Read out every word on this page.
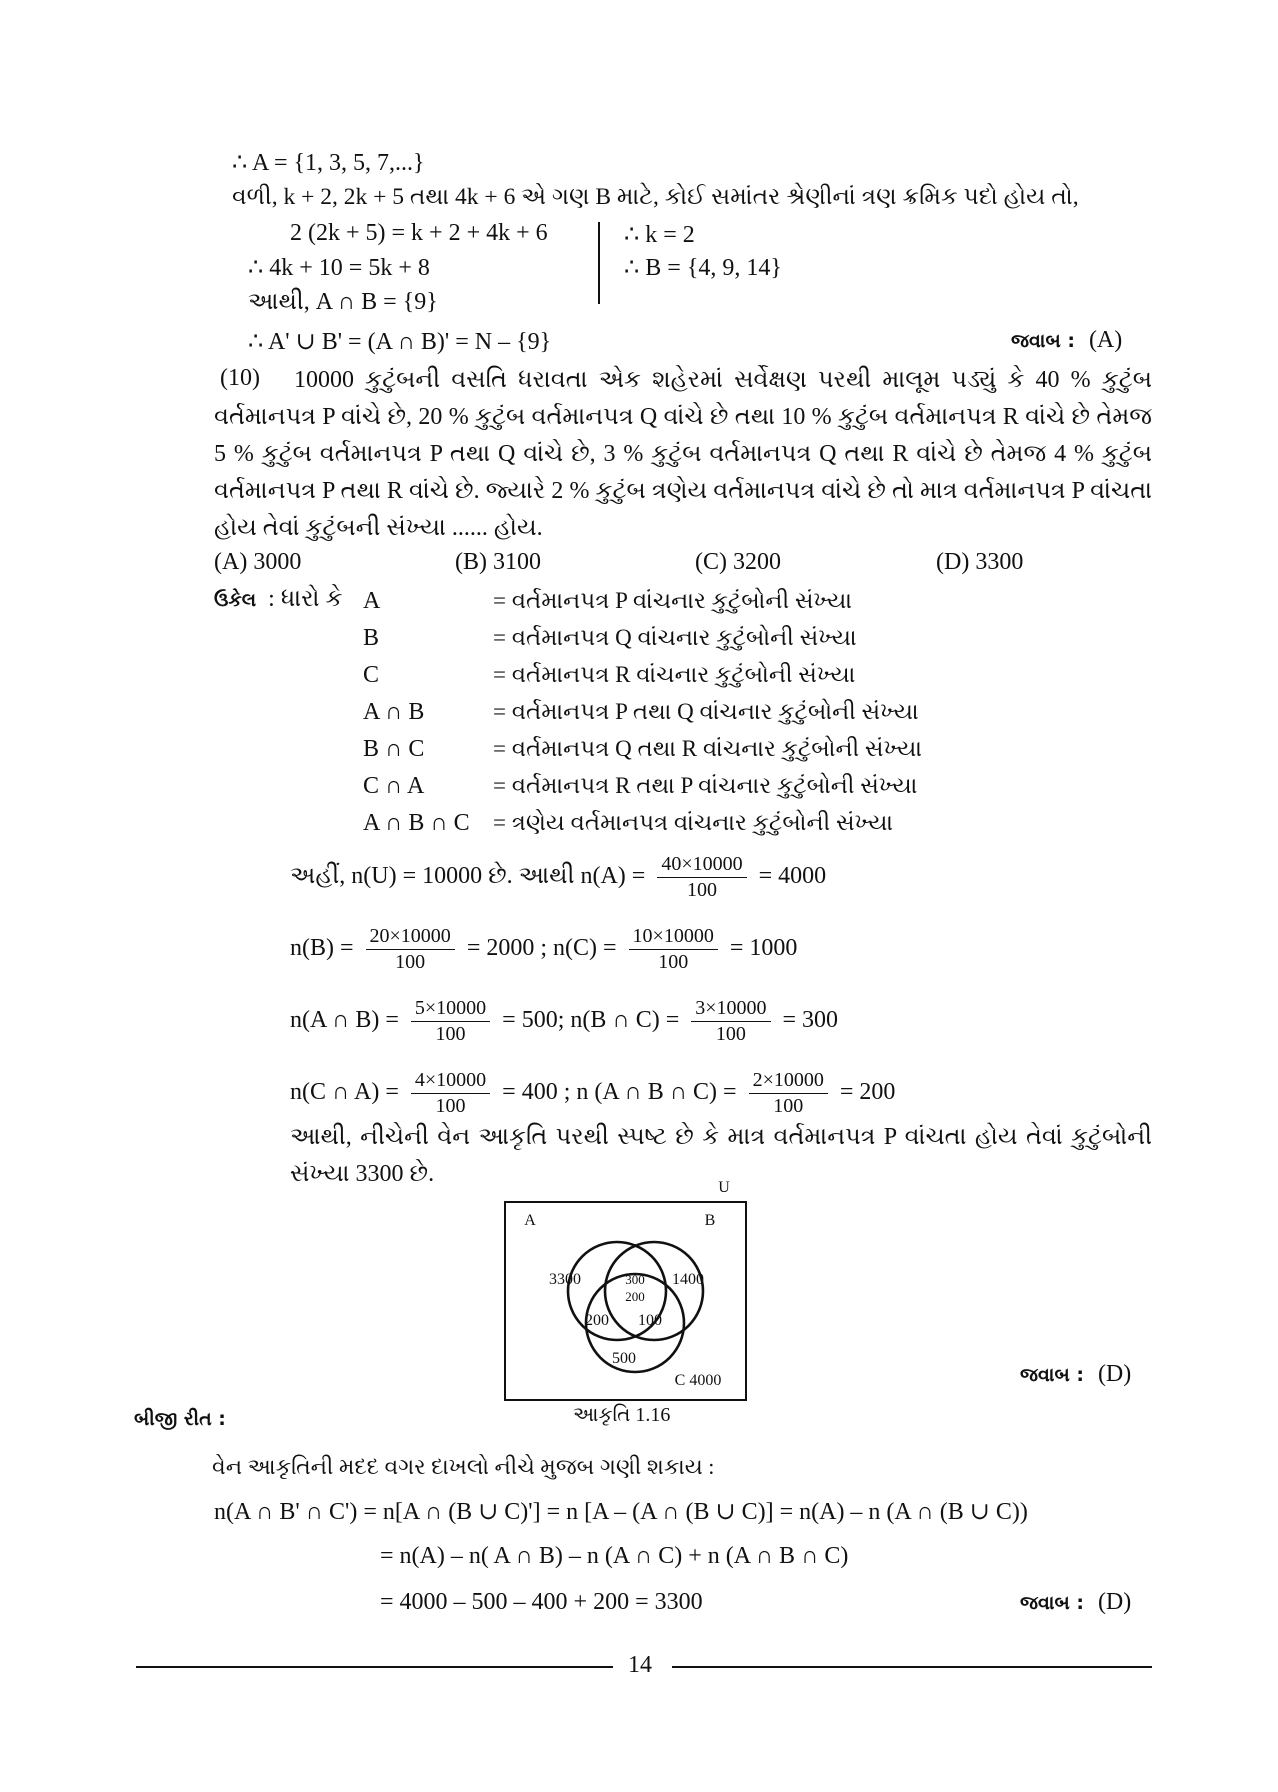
∴ A = {1, 3, 5, 7,...}
વળી, k + 2, 2k + 5 તથા 4k + 6 એ ગણ B માટે, કોઈ સમાંતર શ્રેણીનાં ત્રણ ક્રમિક પદો હોય તો,
2 (2k + 5) = k + 2 + 4k + 6
∴ 4k + 10 = 5k + 8
∴ k = 2
∴ B = {4, 9, 14}
આથી, A ∩ B = {9}
∴ A' ∪ B' = (A ∩ B)' = N – {9}	જવાબ : (A)
(10)	10000 કુટુંબની વસતિ ધરાવતા એક શહેરમાં સર્વેક્ષણ પરથી માલૂમ પડ્યું કે 40 % કુટુંબ વર્તમાનપત્ર P વાંચે છે, 20 % કુટુંબ વર્તમાનપત્ર Q વાંચે છે તથા 10 % કુટુંબ વર્તમાનપત્ર R વાંચે છે તેમજ 5 % કુટુંબ વર્તમાનપત્ર P તથા Q વાંચે છે, 3 % કુટુંબ વર્તમાનપત્ર Q તથા R વાંચે છે તેમજ 4 % કુટુંબ વર્તમાનપત્ર P તથા R વાંચે છે. જ્યારે 2 % કુટુંબ ત્રણેય વર્તમાનપત્ર વાંચે છે તો માત્ર વર્તમાનપત્ર P વાંચતા હોય તેવાં કુટુંબની સંખ્યા ...... હોય.
(A) 3000	(B) 3100	(C) 3200	(D) 3300
ઉકેલ : ધારો કે A	= વર્તમાનપત્ર P વાંચનાર કુટુંબોની સંખ્યા
B	= વર્તમાનપત્ર Q વાંચનાર કુટુંબોની સંખ્યા
C	= વર્તમાનપત્ર R વાંચનાર કુટુંબોની સંખ્યા
A ∩ B	= વર્તમાનપત્ર P તથા Q વાંચનાર કુટુંબોની સંખ્યા
B ∩ C	= વર્તમાનપત્ર Q તથા R વાંચનાર કુટુંબોની સંખ્યા
C ∩ A	= વર્તમાનપત્ર R તથા P વાંચનાર કુટુંબોની સંખ્યા
A ∩ B ∩ C = ત્રણેય વર્તમાનપત્ર વાંચનાર કુટુંબોની સંખ્યા
અહીં, n(U) = 10000 છે. આથી $n(A) = \frac{40\times 10000}{100} = 4000$
$n(B) = \frac{20\times 10000}{100} = 2000$ ; $n(C) = \frac{10\times 10000}{100} = 1000$
n(A ∩ $B) = \frac{5\times 10000}{100} = 500$; n(B ∩ $C) = \frac{3\times 10000}{100} = 300$
n(C ∩ $A) = \frac{4\times 10000}{100} = 400$ ; n (A ∩ B ∩ $C) = \frac{2\times 10000}{100} = 200$
આથી, નીચેની વેન આકૃતિ પરથી સ્પષ્ટ છે કે માત્ર વર્તમાનપત્ર P વાંચતા હોય તેવાં કુટુંબોની સંખ્યા 3300 છે.
U
A	B
3300	300
200
1400
200 100
500
C 4000
આકૃતિ 1.16
જવાબ : (D)
બીજી રીત :
વેન આકૃતિની મદદ વગર દાખલો નીચે મુજબ ગણી શકાય :
n(A ∩ B' ∩ C') = n[A ∩ (B ∪ C)'] = n [A – (A ∩ (B ∪ C)] = n(A) – n (A ∩ (B ∪ C))
= n(A) – n( A ∩ B) – n (A ∩ C) + n (A ∩ B ∩ C)
= 4000 – 500 – 400 + 200 = 3300	જવાબ : (D)
14
